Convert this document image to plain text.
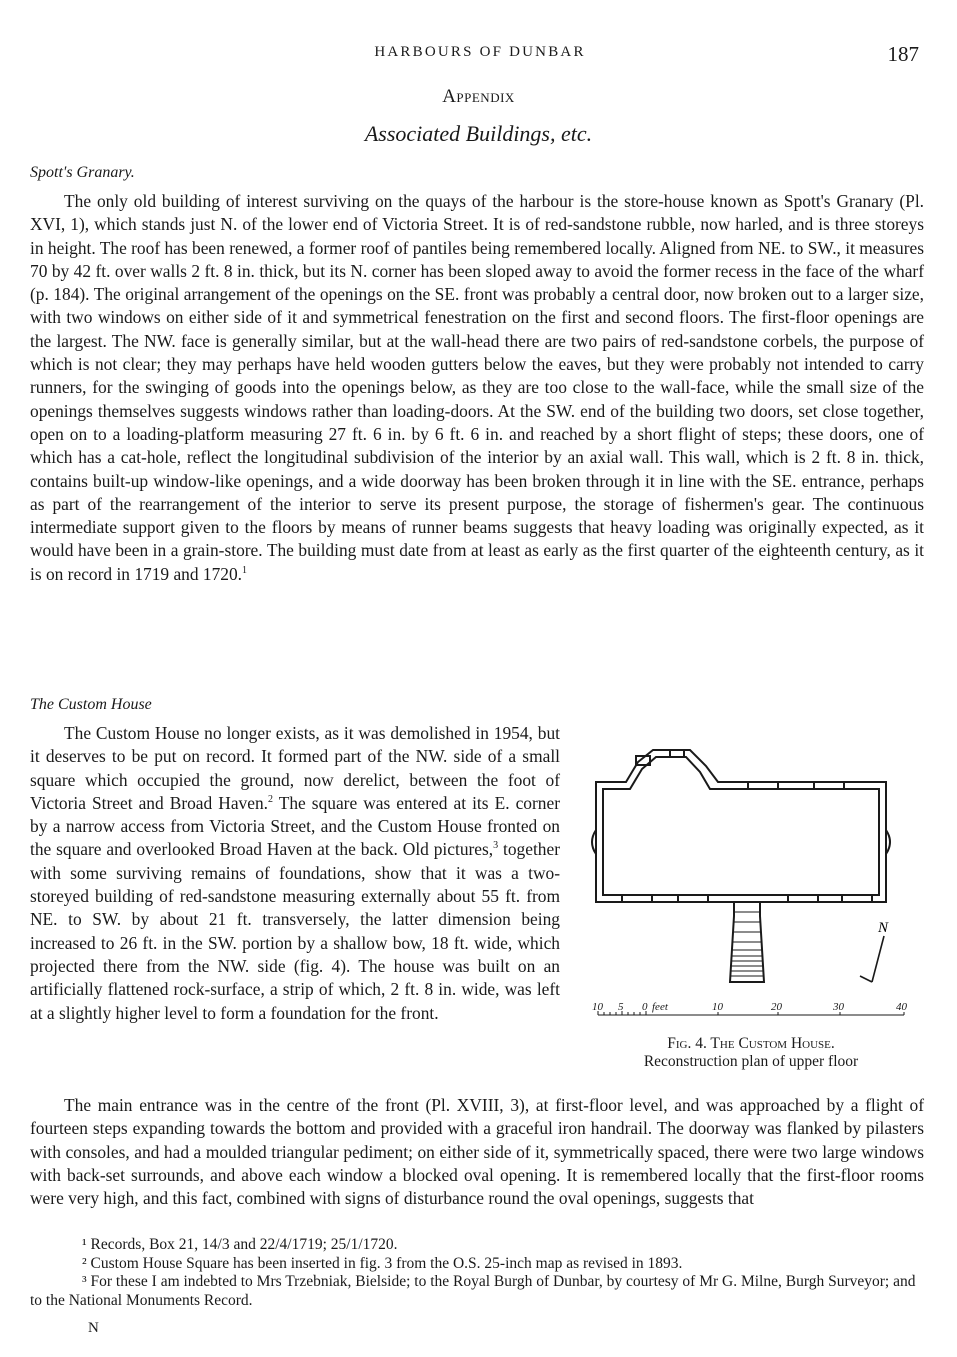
HARBOURS OF DUNBAR	187
Appendix
Associated Buildings, etc.
Spott's Granary.

The only old building of interest surviving on the quays of the harbour is the store-house known as Spott's Granary (Pl. XVI, 1), which stands just N. of the lower end of Victoria Street. It is of red-sandstone rubble, now harled, and is three storeys in height. The roof has been renewed, a former roof of pantiles being remembered locally. Aligned from NE. to SW., it measures 70 by 42 ft. over walls 2 ft. 8 in. thick, but its N. corner has been sloped away to avoid the former recess in the face of the wharf (p. 184). The original arrangement of the openings on the SE. front was probably a central door, now broken out to a larger size, with two windows on either side of it and symmetrical fenestration on the first and second floors. The first-floor openings are the largest. The NW. face is generally similar, but at the wall-head there are two pairs of red-sandstone corbels, the purpose of which is not clear; they may perhaps have held wooden gutters below the eaves, but they were probably not intended to carry runners, for the swinging of goods into the openings below, as they are too close to the wall-face, while the small size of the openings themselves suggests windows rather than loading-doors. At the SW. end of the building two doors, set close together, open on to a loading-platform measuring 27 ft. 6 in. by 6 ft. 6 in. and reached by a short flight of steps; these doors, one of which has a cat-hole, reflect the longitudinal subdivision of the interior by an axial wall. This wall, which is 2 ft. 8 in. thick, contains built-up window-like openings, and a wide doorway has been broken through it in line with the SE. entrance, perhaps as part of the rearrangement of the interior to serve its present purpose, the storage of fishermen's gear. The continuous intermediate support given to the floors by means of runner beams suggests that heavy loading was originally expected, as it would have been in a grain-store. The building must date from at least as early as the first quarter of the eighteenth century, as it is on record in 1719 and 1720.$^1$

The Custom House

The Custom House no longer exists, as it was demolished in 1954, but it deserves to be put on record. It formed part of the NW. side of a small square which occupied the ground, now derelict, between the foot of Victoria Street and Broad Haven.$^2$ The square was entered at its E. corner by a narrow access from Victoria Street, and the Custom House fronted on the square and overlooked Broad Haven at the back. Old pictures,$^3$ together with some surviving remains of foundations, show that it was a two-storeyed building of red-sandstone measuring externally about 55 ft. from NE. to SW. by about 21 ft. transversely, the latter dimension being increased to 26 ft. in the SW. portion by a shallow bow, 18 ft. wide, which projected there from the NW. side (fig. 4). The house was built on an artificially flattened rock-surface, a strip of which, 2 ft. 8 in. wide, was left at a slightly higher level to form a foundation for the front.

The main entrance was in the centre of the front (Pl. XVIII, 3), at first-floor level, and was approached by a flight of fourteen steps expanding towards the bottom and provided with a graceful iron handrail. The doorway was flanked by pilasters with consoles, and had a moulded triangular pediment; on either side of it, symmetrically spaced, there were two large windows with back-set surrounds, and above each window a blocked oval opening. It is remembered locally that the first-floor rooms were very high, and this fact, combined with signs of disturbance round the oval openings, suggests that

N
10 5 0 feet	10	20	30	40
Fig. 4. The Custom House.
Reconstruction plan of upper floor
¹ Records, Box 21, 14/3 and 22/4/1719; 25/1/1720.
² Custom House Square has been inserted in fig. 3 from the O.S. 25-inch map as revised in 1893.
³ For these I am indebted to Mrs Trzebniak, Bielside; to the Royal Burgh of Dunbar, by courtesy of Mr G. Milne, Burgh Surveyor; and to the National Monuments Record.
N
